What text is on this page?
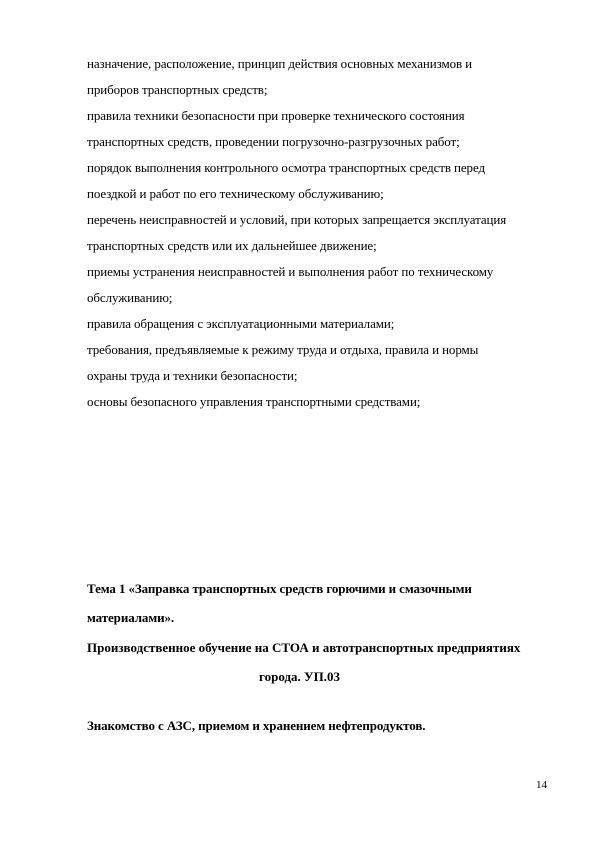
назначение, расположение, принцип действия основных механизмов и
приборов транспортных средств;
правила техники безопасности при проверке технического состояния
транспортных средств, проведении погрузочно-разгрузочных работ;
порядок выполнения контрольного осмотра транспортных средств перед
поездкой и работ по его техническому обслуживанию;
перечень неисправностей и условий, при которых запрещается эксплуатация
транспортных средств или их дальнейшее движение;
приемы устранения неисправностей и выполнения работ по техническому
обслуживанию;
правила обращения с эксплуатационными материалами;
требования, предъявляемые к режиму труда и отдыха, правила и нормы
охраны труда и техники безопасности;
основы безопасного управления транспортными средствами;
Тема 1 «Заправка транспортных средств горючими и смазочными
материалами».
Производственное обучение на СТОА и автотранспортных предприятиях
города. УП.03
Знакомство с АЗС, приемом и хранением нефтепродуктов.
14
